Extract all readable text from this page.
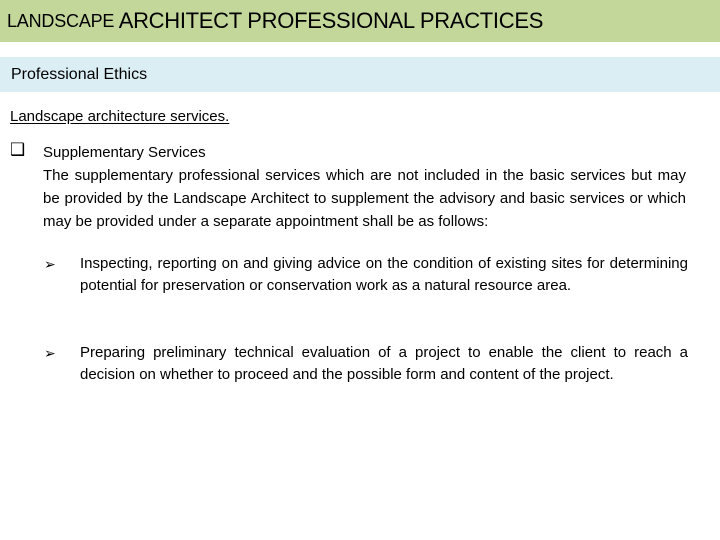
LANDSCAPE
ARCHITECT PROFESSIONAL PRACTICES
Professional Ethics
Landscape architecture services.
❑ Supplementary Services
The supplementary professional services which are not included in the basic services but may be provided by the Landscape Architect to supplement the advisory and basic services or which may be provided under a separate appointment shall be as follows:
➢	Inspecting, reporting on and giving advice on the condition of existing sites for determining potential for preservation or conservation work as a natural resource area.
➢	Preparing preliminary technical evaluation of a project to enable the client to reach a decision on whether to proceed and the possible form and content of the project.
